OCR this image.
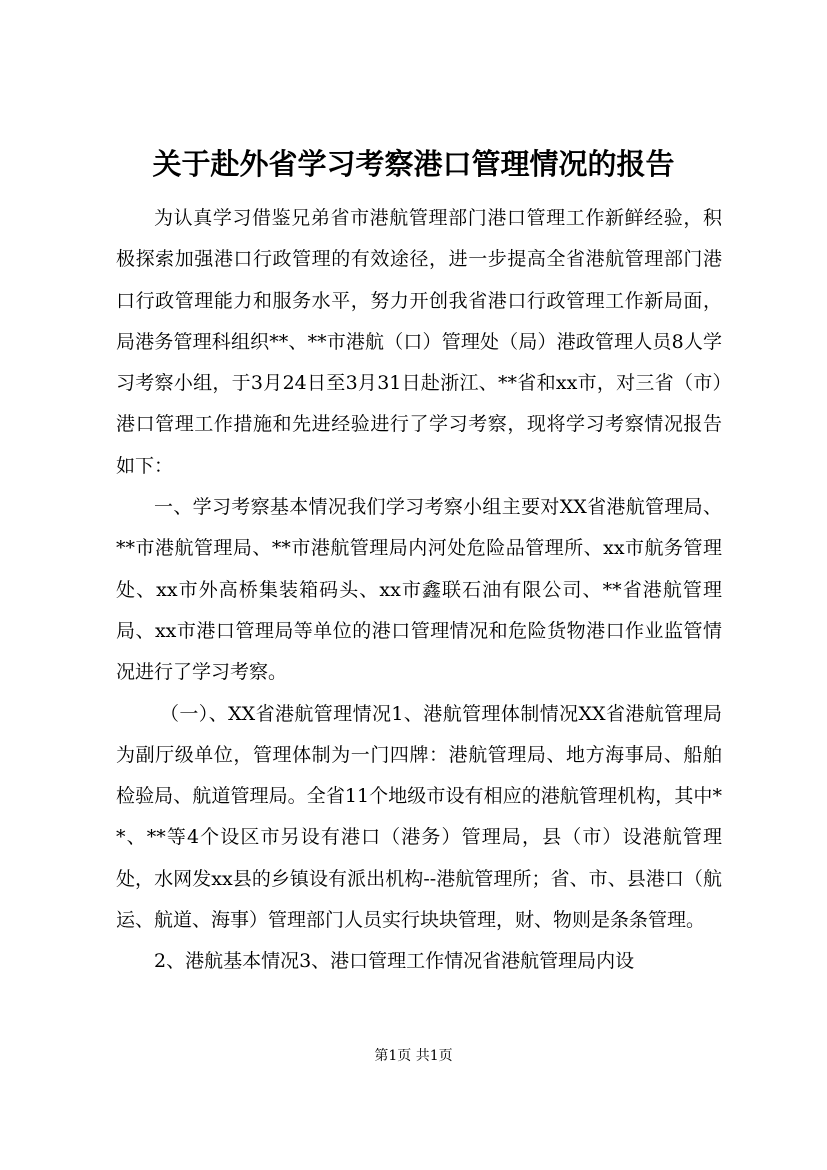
关于赴外省学习考察港口管理情况的报告

为认真学习借鉴兄弟省市港航管理部门港口管理工作新鲜经验，积极探索加强港口行政管理的有效途径，进一步提高全省港航管理部门港口行政管理能力和服务水平，努力开创我省港口行政管理工作新局面，局港务管理科组织**、**市港航（口）管理处（局）港政管理人员8人学习考察小组，于3月24日至3月31日赴浙江、**省和xx市，对三省（市）港口管理工作措施和先进经验进行了学习考察，现将学习考察情况报告如下：

一、学习考察基本情况我们学习考察小组主要对XX省港航管理局、**市港航管理局、**市港航管理局内河处危险品管理所、xx市航务管理处、xx市外高桥集装箱码头、xx市鑫联石油有限公司、**省港航管理局、xx市港口管理局等单位的港口管理情况和危险货物港口作业监管情况进行了学习考察。

（一）、XX省港航管理情况1、港航管理体制情况XX省港航管理局为副厅级单位，管理体制为一门四牌：港航管理局、地方海事局、船舶检验局、航道管理局。全省11个地级市设有相应的港航管理机构，其中**、**等4个设区市另设有港口（港务）管理局，县（市）设港航管理处，水网发xx县的乡镇设有派出机构--港航管理所；省、市、县港口（航运、航道、海事）管理部门人员实行块块管理，财、物则是条条管理。

2、港航基本情况3、港口管理工作情况省港航管理局内设

第1页 共1页
